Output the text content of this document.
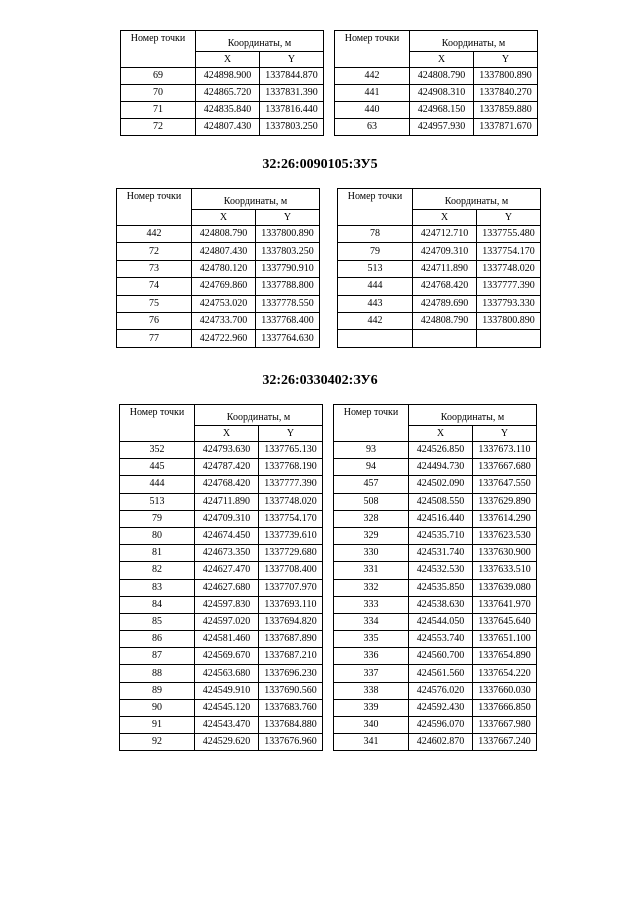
Номер точки	Координаты, м	
	X	Y
69	424898.900	1337844.870
70	424865.720	1337831.390
71	424835.840	1337816.440
72	424807.430	1337803.250
Номер точки	Координаты, м	
	X	Y
442	424808.790	1337800.890
441	424908.310	1337840.270
440	424968.150	1337859.880
63	424957.930	1337871.670
32:26:0090105:ЗУ5
Номер точки	Координаты, м	
	X	Y
442	424808.790	1337800.890
72	424807.430	1337803.250
73	424780.120	1337790.910
74	424769.860	1337788.800
75	424753.020	1337778.550
76	424733.700	1337768.400
77	424722.960	1337764.630
Номер точки	Координаты, м	
	X	Y
78	424712.710	1337755.480
79	424709.310	1337754.170
513	424711.890	1337748.020
444	424768.420	1337777.390
443	424789.690	1337793.330
442	424808.790	1337800.890

32:26:0330402:ЗУ6
Номер точки	Координаты, м	
	X	Y
352	424793.630	1337765.130
445	424787.420	1337768.190
444	424768.420	1337777.390
513	424711.890	1337748.020
79	424709.310	1337754.170
80	424674.450	1337739.610
81	424673.350	1337729.680
82	424627.470	1337708.400
83	424627.680	1337707.970
84	424597.830	1337693.110
85	424597.020	1337694.820
86	424581.460	1337687.890
87	424569.670	1337687.210
88	424563.680	1337696.230
89	424549.910	1337690.560
90	424545.120	1337683.760
91	424543.470	1337684.880
92	424529.620	1337676.960
Номер точки	Координаты, м	
	X	Y
93	424526.850	1337673.110
94	424494.730	1337667.680
457	424502.090	1337647.550
508	424508.550	1337629.890
328	424516.440	1337614.290
329	424535.710	1337623.530
330	424531.740	1337630.900
331	424532.530	1337633.510
332	424535.850	1337639.080
333	424538.630	1337641.970
334	424544.050	1337645.640
335	424553.740	1337651.100
336	424560.700	1337654.890
337	424561.560	1337654.220
338	424576.020	1337660.030
339	424592.430	1337666.850
340	424596.070	1337667.980
341	424602.870	1337667.240
